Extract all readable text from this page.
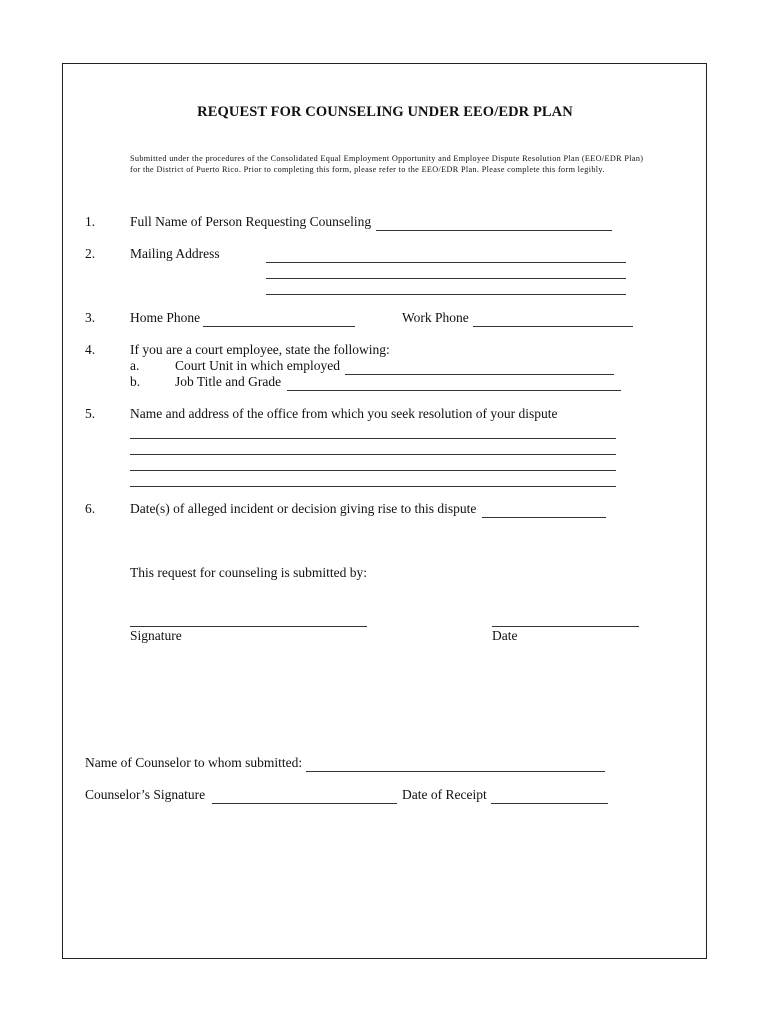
REQUEST FOR COUNSELING UNDER EEO/EDR PLAN
Submitted under the procedures of the Consolidated Equal Employment Opportunity and Employee Dispute Resolution Plan (EEO/EDR Plan) for the District of Puerto Rico. Prior to completing this form, please refer to the EEO/EDR Plan. Please complete this form legibly.
1.	Full Name of Person Requesting Counseling
2.	Mailing Address
3.	Home Phone	Work Phone
4.	If you are a court employee, state the following:
a.	Court Unit in which employed
b.	Job Title and Grade
5.	Name and address of the office from which you seek resolution of your dispute
6.	Date(s) of alleged incident or decision giving rise to this dispute
This request for counseling is submitted by:
Signature	Date
Name of Counselor to whom submitted:
Counselor’s Signature	Date of Receipt
